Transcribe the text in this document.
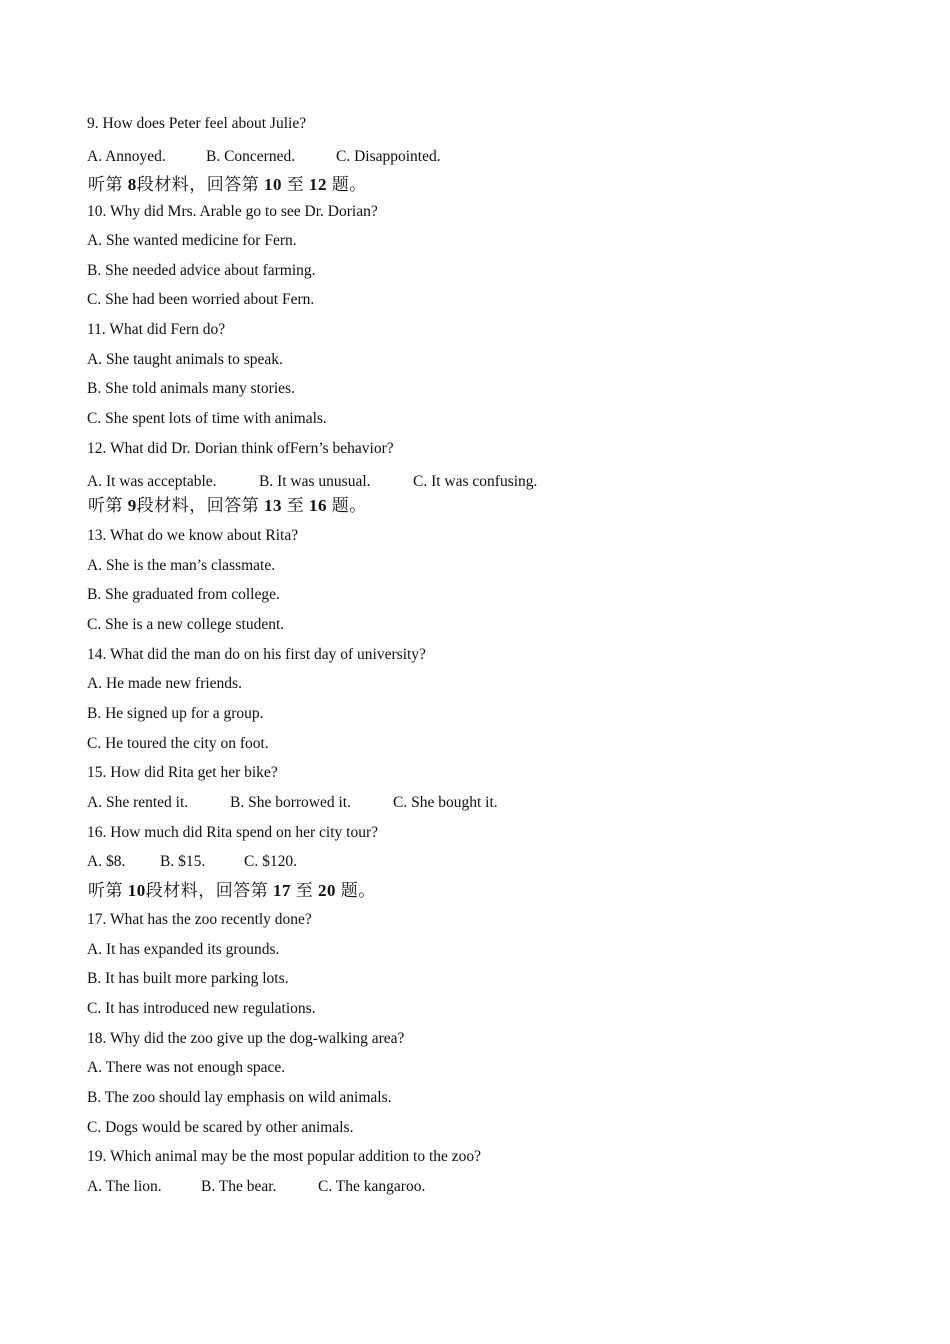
9. How does Peter feel about Julie?
A. Annoyed.	B. Concerned.	C. Disappointed.
听第 8段材料，回答第 10 至 12 题。
10. Why did Mrs. Arable go to see Dr. Dorian?
A. She wanted medicine for Fern.
B. She needed advice about farming.
C. She had been worried about Fern.
11. What did Fern do?
A. She taught animals to speak.
B. She told animals many stories.
C. She spent lots of time with animals.
12. What did Dr. Dorian think ofFern’s behavior?
A. It was acceptable.	B. It was unusual.	C. It was confusing.
听第 9段材料，回答第 13 至 16 题。
13. What do we know about Rita?
A. She is the man’s classmate.
B. She graduated from college.
C. She is a new college student.
14. What did the man do on his first day of university?
A. He made new friends.
B. He signed up for a group.
C. He toured the city on foot.
15. How did Rita get her bike?
A. She rented it.	B. She borrowed it.	C. She bought it.
16. How much did Rita spend on her city tour?
A. $8. B. $15.	C. $120.
听第 10段材料，回答第 17 至 20 题。
17. What has the zoo recently done?
A. It has expanded its grounds.
B. It has built more parking lots.
C. It has introduced new regulations.
18. Why did the zoo give up the dog-walking area?
A. There was not enough space.
B. The zoo should lay emphasis on wild animals.
C. Dogs would be scared by other animals.
19. Which animal may be the most popular addition to the zoo?
A. The lion.	B. The bear.	C. The kangaroo.
